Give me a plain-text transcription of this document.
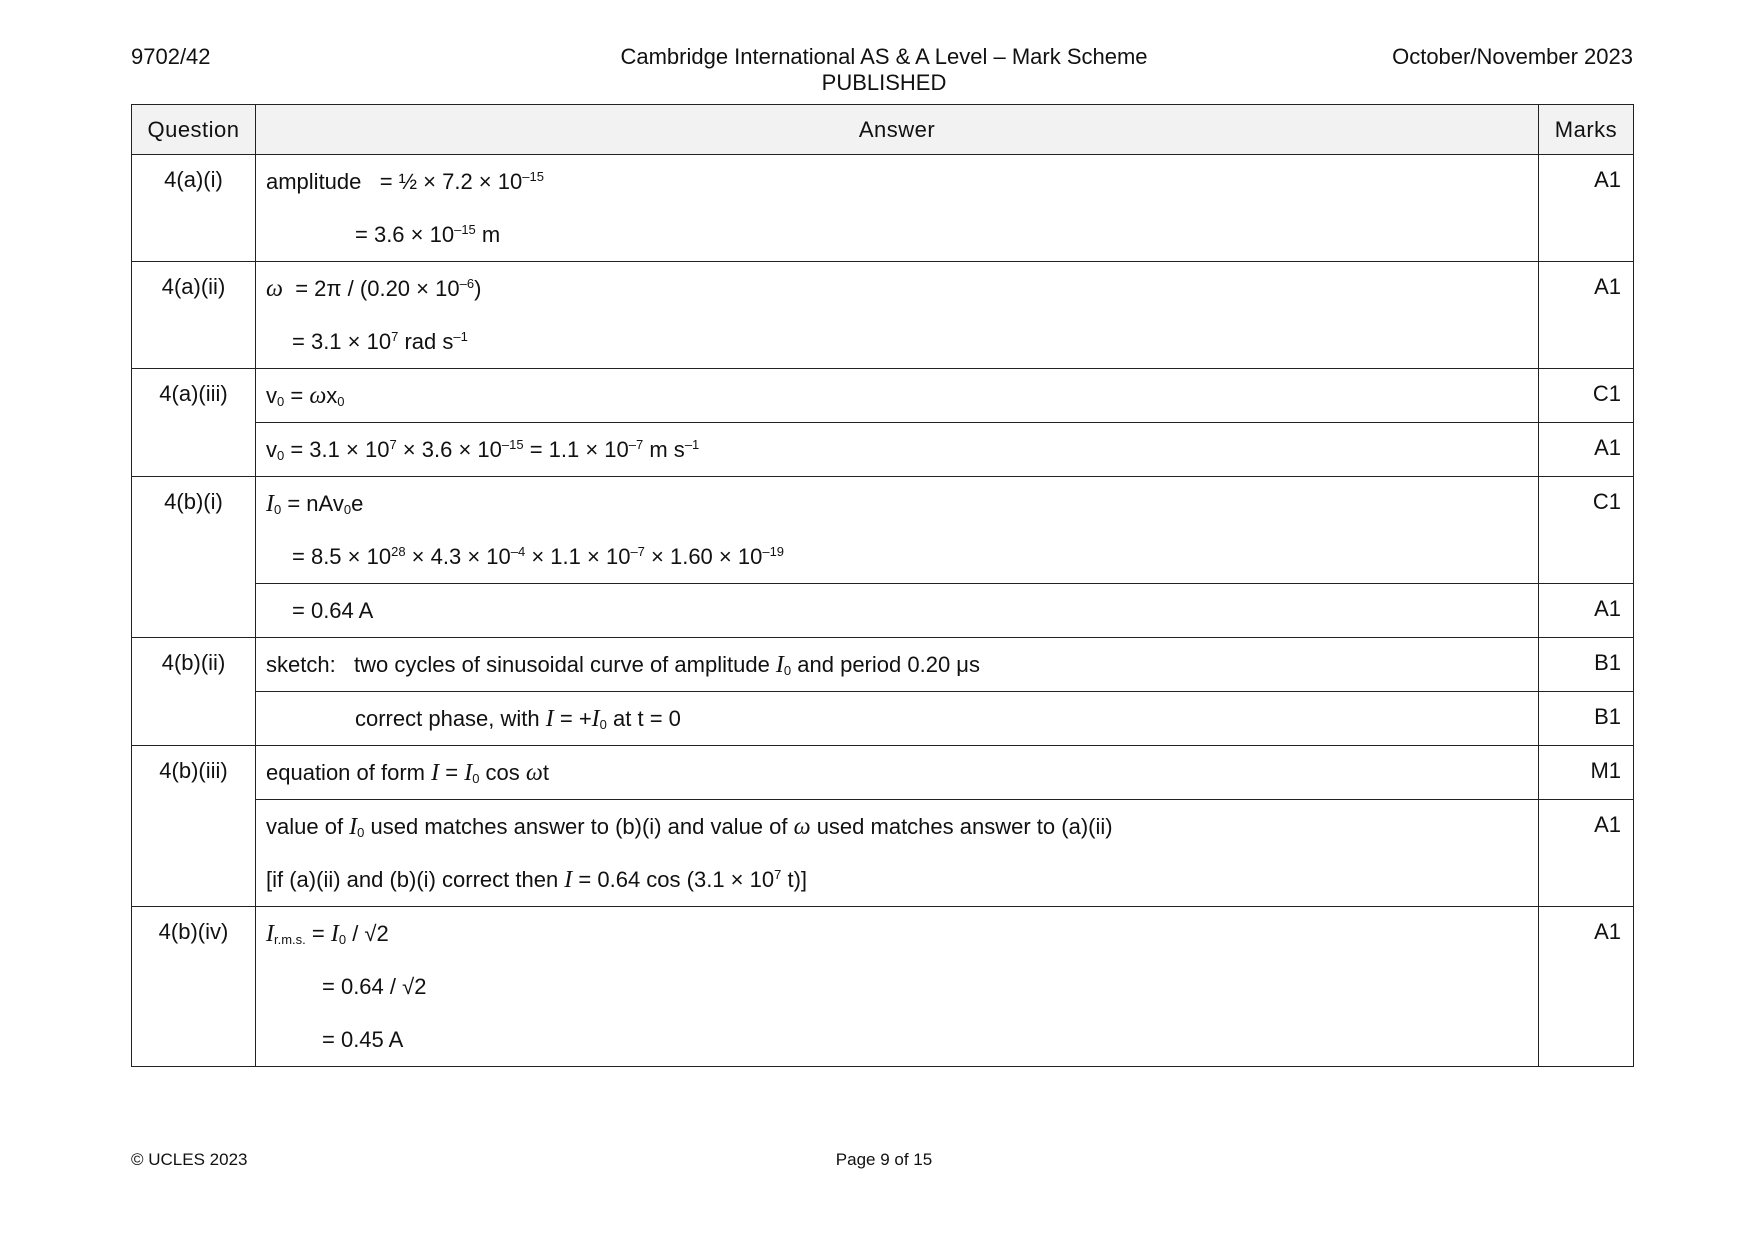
9702/42	Cambridge International AS & A Level – Mark Scheme
PUBLISHED
October/November 2023
Question	Answer	Marks
4(a)(i)	amplitude = ½ × $7.2 \times 10^{-15}$
= $3.6 \times 10^{-15}$ m	A1
4(a)(ii)	$\omega = 2\pi / (0.20 \times 10^{-6})$
= $3.1 \times 10^7$ rad $s^{-1}$	A1
4(a)(iii)	$v_0 = \omega x_0$	C1

	$v_0 = 3.1 \times 10^7 \times 3.6 \times 10^{-15} = 1.1 \times 10^{-7}$ m $s^{-1}$	A1
4(b)(i)	$I_0 = nAv_0e$
= $8.5 \times 10^{28} \times 4.3 \times 10^{-4} \times 1.1 \times 10^{-7} \times 1.60 \times 10^{-19}$	C1

	= 0.64 A	A1
4(b)(ii)	sketch: two cycles of sinusoidal curve of amplitude $I_0$ and period 0.20 μs	B1

	correct phase, with $I = +I_0$ at t = 0	B1
4(b)(iii)	equation of form $I = I_0$ cos ωt	M1

	value of $I_0$ used matches answer to (b)(i) and value of ω used matches answer to (a)(ii)
[if (a)(ii) and (b)(i) correct then I = 0.64 $\cos (3.1 \times 10^7$ t)]	A1
4(b)(iv)	$I_{r.m.s.} = I_0 / √2$
= 0.64 / √2
= 0.45 A	A1
© UCLES 2023	Page 9 of 15
